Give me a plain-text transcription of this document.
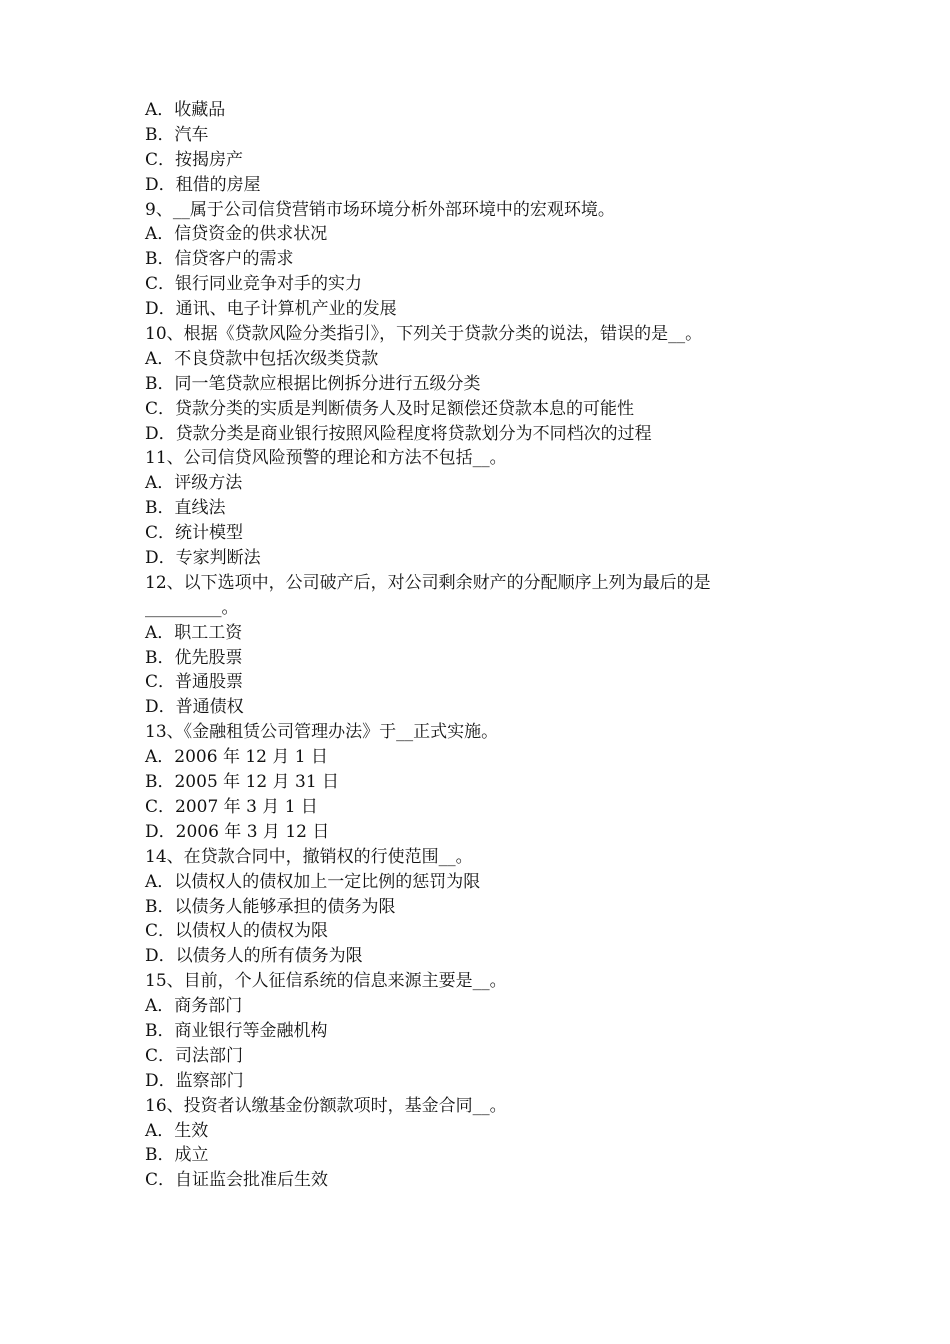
A．收藏品
B．汽车
C．按揭房产
D．租借的房屋
9、__属于公司信贷营销市场环境分析外部环境中的宏观环境。
A．信贷资金的供求状况
B．信贷客户的需求
C．银行同业竞争对手的实力
D．通讯、电子计算机产业的发展
10、根据《贷款风险分类指引》，下列关于贷款分类的说法，错误的是__。
A．不良贷款中包括次级类贷款
B．同一笔贷款应根据比例拆分进行五级分类
C．贷款分类的实质是判断债务人及时足额偿还贷款本息的可能性
D．贷款分类是商业银行按照风险程度将贷款划分为不同档次的过程
11、公司信贷风险预警的理论和方法不包括__。
A．评级方法
B．直线法
C．统计模型
D．专家判断法
12、以下选项中，公司破产后，对公司剩余财产的分配顺序上列为最后的是
_________。
A．职工工资
B．优先股票
C．普通股票
D．普通债权
13、《金融租赁公司管理办法》于__正式实施。
A．2006 年 12 月 1 日
B．2005 年 12 月 31 日
C．2007 年 3 月 1 日
D．2006 年 3 月 12 日
14、在贷款合同中，撤销权的行使范围__。
A．以债权人的债权加上一定比例的惩罚为限
B．以债务人能够承担的债务为限
C．以债权人的债权为限
D．以债务人的所有债务为限
15、目前，个人征信系统的信息来源主要是__。
A．商务部门
B．商业银行等金融机构
C．司法部门
D．监察部门
16、投资者认缴基金份额款项时，基金合同__。
A．生效
B．成立
C．自证监会批准后生效
